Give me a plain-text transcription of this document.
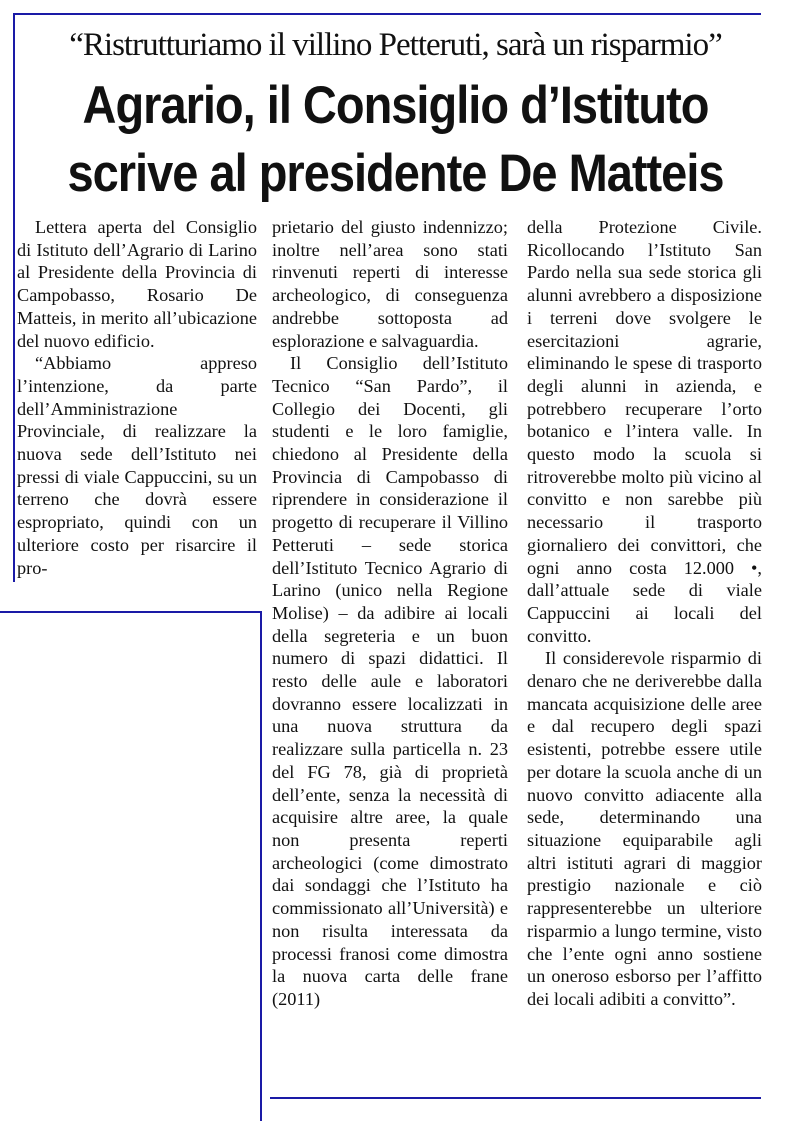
“Ristrutturiamo il villino Petteruti, sarà un risparmio”
Agrario, il Consiglio d’Istituto
scrive al presidente De Matteis

Lettera aperta del Consiglio di Istituto dell’Agrario di Larino al Presidente della Provincia di Campobasso, Rosario De Matteis, in merito all’ubicazione del nuovo edificio.

“Abbiamo appreso l’intenzione, da parte dell’Amministrazione Provinciale, di realizzare la nuova sede dell’Istituto nei pressi di viale Cappuccini, su un terreno che dovrà essere espropriato, quindi con un ulteriore costo per risarcire il pro-

prietario del giusto indennizzo; inoltre nell’area sono stati rinvenuti reperti di interesse archeologico, di conseguenza andrebbe sottoposta ad esplorazione e salvaguardia.

Il Consiglio dell’Istituto Tecnico “San Pardo”, il Collegio dei Docenti, gli studenti e le loro famiglie, chiedono al Presidente della Provincia di Campobasso di riprendere in considerazione il progetto di recuperare il Villino Petteruti – sede storica dell’Istituto Tecnico Agrario di Larino (unico nella Regione Molise) – da adibire ai locali della segreteria e un buon numero di spazi didattici. Il resto delle aule e laboratori dovranno essere localizzati in una nuova struttura da realizzare sulla particella n. 23 del FG 78, già di proprietà dell’ente, senza la necessità di acquisire altre aree, la quale non presenta reperti archeologici (come dimostrato dai sondaggi che l’Istituto ha commissionato all’Università) e non risulta interessata da processi franosi come dimostra la nuova carta delle frane (2011)

della Protezione Civile. Ricollocando l’Istituto San Pardo nella sua sede storica gli alunni avrebbero a disposizione i terreni dove svolgere le esercitazioni agrarie, eliminando le spese di trasporto degli alunni in azienda, e potrebbero recuperare l’orto botanico e l’intera valle. In questo modo la scuola si ritroverebbe molto più vicino al convitto e non sarebbe più necessario il trasporto giornaliero dei convittori, che ogni anno costa 12.000 •, dall’attuale sede di viale Cappuccini ai locali del convitto.

Il considerevole risparmio di denaro che ne deriverebbe dalla mancata acquisizione delle aree e dal recupero degli spazi esistenti, potrebbe essere utile per dotare la scuola anche di un nuovo convitto adiacente alla sede, determinando una situazione equiparabile agli altri istituti agrari di maggior prestigio nazionale e ciò rappresenterebbe un ulteriore risparmio a lungo termine, visto che l’ente ogni anno sostiene un oneroso esborso per l’affitto dei locali adibiti a convitto”.
